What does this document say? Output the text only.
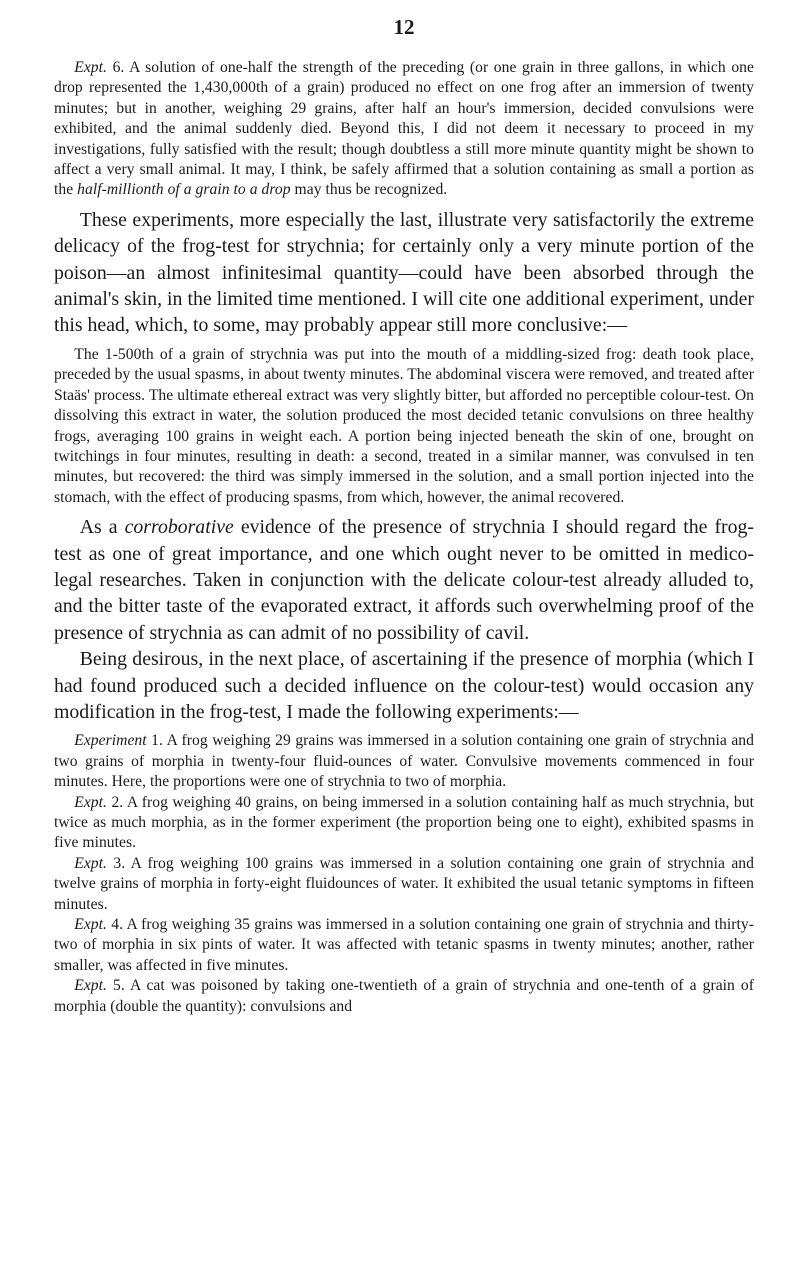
12

Expt. 6. A solution of one-half the strength of the preceding (or one grain in three gallons, in which one drop represented the 1,430,000th of a grain) produced no effect on one frog after an immersion of twenty minutes; but in another, weighing 29 grains, after half an hour's immersion, decided convulsions were exhibited, and the animal suddenly died. Beyond this, I did not deem it necessary to proceed in my investigations, fully satisfied with the result; though doubtless a still more minute quantity might be shown to affect a very small animal. It may, I think, be safely affirmed that a solution containing as small a portion as the half-millionth of a grain to a drop may thus be recognized.

These experiments, more especially the last, illustrate very satisfactorily the extreme delicacy of the frog-test for strychnia; for certainly only a very minute portion of the poison—an almost infinitesimal quantity—could have been absorbed through the animal's skin, in the limited time mentioned. I will cite one additional experiment, under this head, which, to some, may probably appear still more conclusive:—

The 1-500th of a grain of strychnia was put into the mouth of a middling-sized frog: death took place, preceded by the usual spasms, in about twenty minutes. The abdominal viscera were removed, and treated after Staäs' process. The ultimate ethereal extract was very slightly bitter, but afforded no perceptible colour-test. On dissolving this extract in water, the solution produced the most decided tetanic convulsions on three healthy frogs, averaging 100 grains in weight each. A portion being injected beneath the skin of one, brought on twitchings in four minutes, resulting in death: a second, treated in a similar manner, was convulsed in ten minutes, but recovered: the third was simply immersed in the solution, and a small portion injected into the stomach, with the effect of producing spasms, from which, however, the animal recovered.

As a corroborative evidence of the presence of strychnia I should regard the frog-test as one of great importance, and one which ought never to be omitted in medico-legal researches. Taken in conjunction with the delicate colour-test already alluded to, and the bitter taste of the evaporated extract, it affords such overwhelming proof of the presence of strychnia as can admit of no possibility of cavil.

Being desirous, in the next place, of ascertaining if the presence of morphia (which I had found produced such a decided influence on the colour-test) would occasion any modification in the frog-test, I made the following experiments:—

Experiment 1. A frog weighing 29 grains was immersed in a solution containing one grain of strychnia and two grains of morphia in twenty-four fluid-ounces of water. Convulsive movements commenced in four minutes. Here, the proportions were one of strychnia to two of morphia.

Expt. 2. A frog weighing 40 grains, on being immersed in a solution containing half as much strychnia, but twice as much morphia, as in the former experiment (the proportion being one to eight), exhibited spasms in five minutes.

Expt. 3. A frog weighing 100 grains was immersed in a solution containing one grain of strychnia and twelve grains of morphia in forty-eight fluidounces of water. It exhibited the usual tetanic symptoms in fifteen minutes.

Expt. 4. A frog weighing 35 grains was immersed in a solution containing one grain of strychnia and thirty-two of morphia in six pints of water. It was affected with tetanic spasms in twenty minutes; another, rather smaller, was affected in five minutes.

Expt. 5. A cat was poisoned by taking one-twentieth of a grain of strychnia and one-tenth of a grain of morphia (double the quantity): convulsions and
